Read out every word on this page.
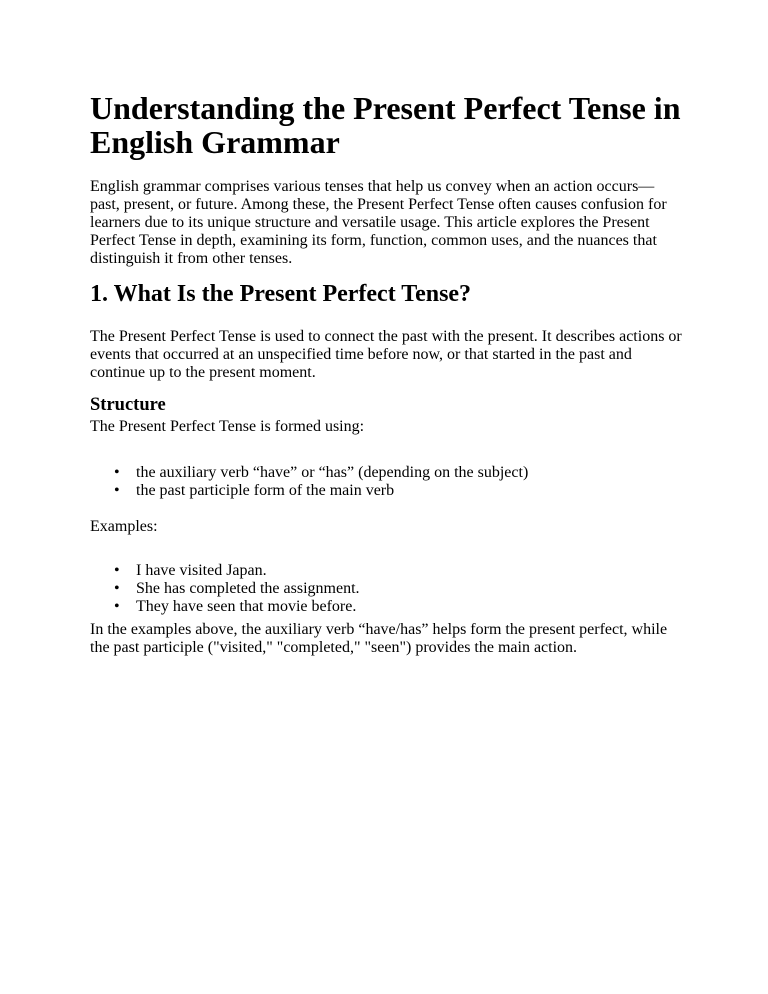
Understanding the Present Perfect Tense in English Grammar

English grammar comprises various tenses that help us convey when an action occurs—past, present, or future. Among these, the Present Perfect Tense often causes confusion for learners due to its unique structure and versatile usage. This article explores the Present Perfect Tense in depth, examining its form, function, common uses, and the nuances that distinguish it from other tenses.

1. What Is the Present Perfect Tense?

The Present Perfect Tense is used to connect the past with the present. It describes actions or events that occurred at an unspecified time before now, or that started in the past and continue up to the present moment.

Structure

The Present Perfect Tense is formed using:

• the auxiliary verb “have” or “has” (depending on the subject)
• the past participle form of the main verb

Examples:

• I have visited Japan.
• She has completed the assignment.
• They have seen that movie before.

In the examples above, the auxiliary verb “have/has” helps form the present perfect, while the past participle ("visited," "completed," "seen") provides the main action.
